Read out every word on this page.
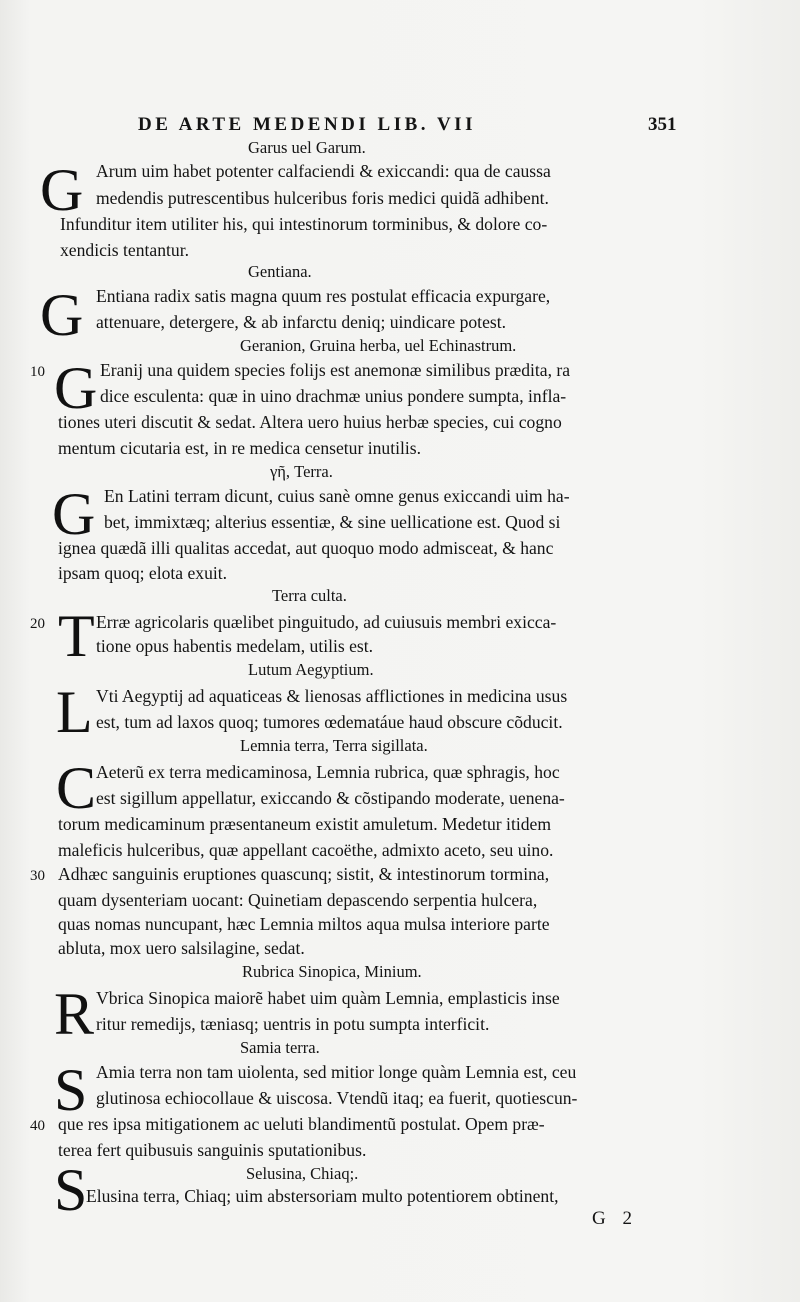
DE ARTE MEDENDI LIB. VII	351
Garus uel Garum.
G Arum uim habet potenter calfaciendi & exiccandi: qua de caussa
medendis putrescentibus hulceribus foris medici quidã adhibent.
Infunditur item utiliter his, qui intestinorum torminibus, & dolore co-
xendicis tentantur.
Gentiana.
G Entiana radix satis magna quum res postulat efficacia expurgare,
attenuare, detergere, & ab infarctu deniq; uindicare potest.
Geranion, Gruina herba, uel Echinastrum.
10 G Eranij una quidem species folijs est anemonæ similibus prædita, ra
dice esculenta: quæ in uino drachmæ unius pondere sumpta, infla-
tiones uteri discutit & sedat. Altera uero huius herbæ species, cui cogno
mentum cicutaria est, in re medica censetur inutilis.
γῆ, Terra.
G En Latini terram dicunt, cuius sanè omne genus exiccandi uim ha-
bet, immixtæq; alterius essentiæ, & sine uellicatione est. Quod si
ignea quædã illi qualitas accedat, aut quoquo modo admisceat, & hanc
ipsam quoq; elota exuit.
Terra culta.
20 T Erræ agricolaris quælibet pinguitudo, ad cuiusuis membri exicca-
tione opus habentis medelam, utilis est.
Lutum Aegyptium.
L Vti Aegyptij ad aquaticeas & lienosas afflictiones in medicina usus
est, tum ad laxos quoq; tumores œdematáue haud obscure cõducit.
Lemnia terra, Terra sigillata.
C Aeterũ ex terra medicaminosa, Lemnia rubrica, quæ sphragis, hoc
est sigillum appellatur, exiccando & cõstipando moderate, uenena-
torum medicaminum præsentaneum existit amuletum. Medetur itidem
maleficis hulceribus, quæ appellant cacoëthe, admixto aceto, seu uino.
30 Adhæc sanguinis eruptiones quascunq; sistit, & intestinorum tormina,
quam dysenteriam uocant: Quinetiam depascendo serpentia hulcera,
quas nomas nuncupant, hæc Lemnia miltos aqua mulsa interiore parte
abluta, mox uero salsilagine, sedat.
Rubrica Sinopica, Minium.
R Vbrica Sinopica maiorẽ habet uim quàm Lemnia, emplasticis inse
ritur remedijs, tæniasq; uentris in potu sumpta interficit.
Samia terra.
S Amia terra non tam uiolenta, sed mitior longe quàm Lemnia est, ceu
glutinosa echiocollaue & uiscosa. Vtendũ itaq; ea fuerit, quotiescun-
40 que res ipsa mitigationem ac ueluti blandimentũ postulat. Opem præ-
terea fert quibusuis sanguinis sputationibus.
Selusina, Chiaq;.
S
Elusina terra, Chiaq; uim abstersoriam multo potentiorem obtinent,
G 2
